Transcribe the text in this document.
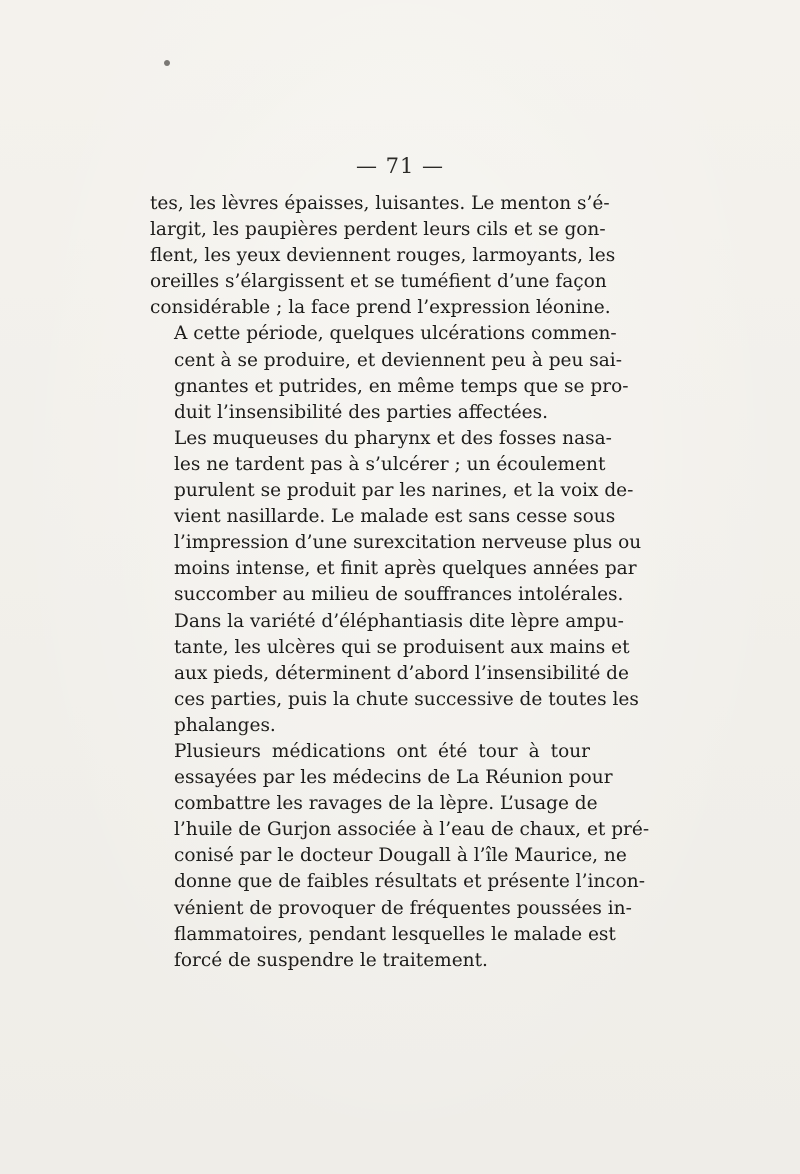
— 71 —

tes, les lèvres épaisses, luisantes. Le menton s’é-
largit, les paupières perdent leurs cils et se gon-
flent, les yeux deviennent rouges, larmoyants, les
oreilles s’élargissent et se tuméfient d’une façon
considérable ; la face prend l’expression léonine.

A cette période, quelques ulcérations commen-
cent à se produire, et deviennent peu à peu sai-
gnantes et putrides, en même temps que se pro-
duit l’insensibilité des parties affectées.

Les muqueuses du pharynx et des fosses nasa-
les ne tardent pas à s’ulcérer ; un écoulement
purulent se produit par les narines, et la voix de-
vient nasillarde. Le malade est sans cesse sous
l’impression d’une surexcitation nerveuse plus ou
moins intense, et finit après quelques années par
succomber au milieu de souffrances intolérales.
Dans la variété d’éléphantiasis dite lèpre ampu-
tante, les ulcères qui se produisent aux mains et
aux pieds, déterminent d’abord l’insensibilité de
ces parties, puis la chute successive de toutes les
phalanges.

Plusieurs médications ont été tour à tour
essayées par les médecins de La Réunion pour
combattre les ravages de la lèpre. L’usage de
l’huile de Gurjon associée à l’eau de chaux, et pré-
conisé par le docteur Dougall à l’île Maurice, ne
donne que de faibles résultats et présente l’incon-
vénient de provoquer de fréquentes poussées in-
flammatoires, pendant lesquelles le malade est
forcé de suspendre le traitement.
